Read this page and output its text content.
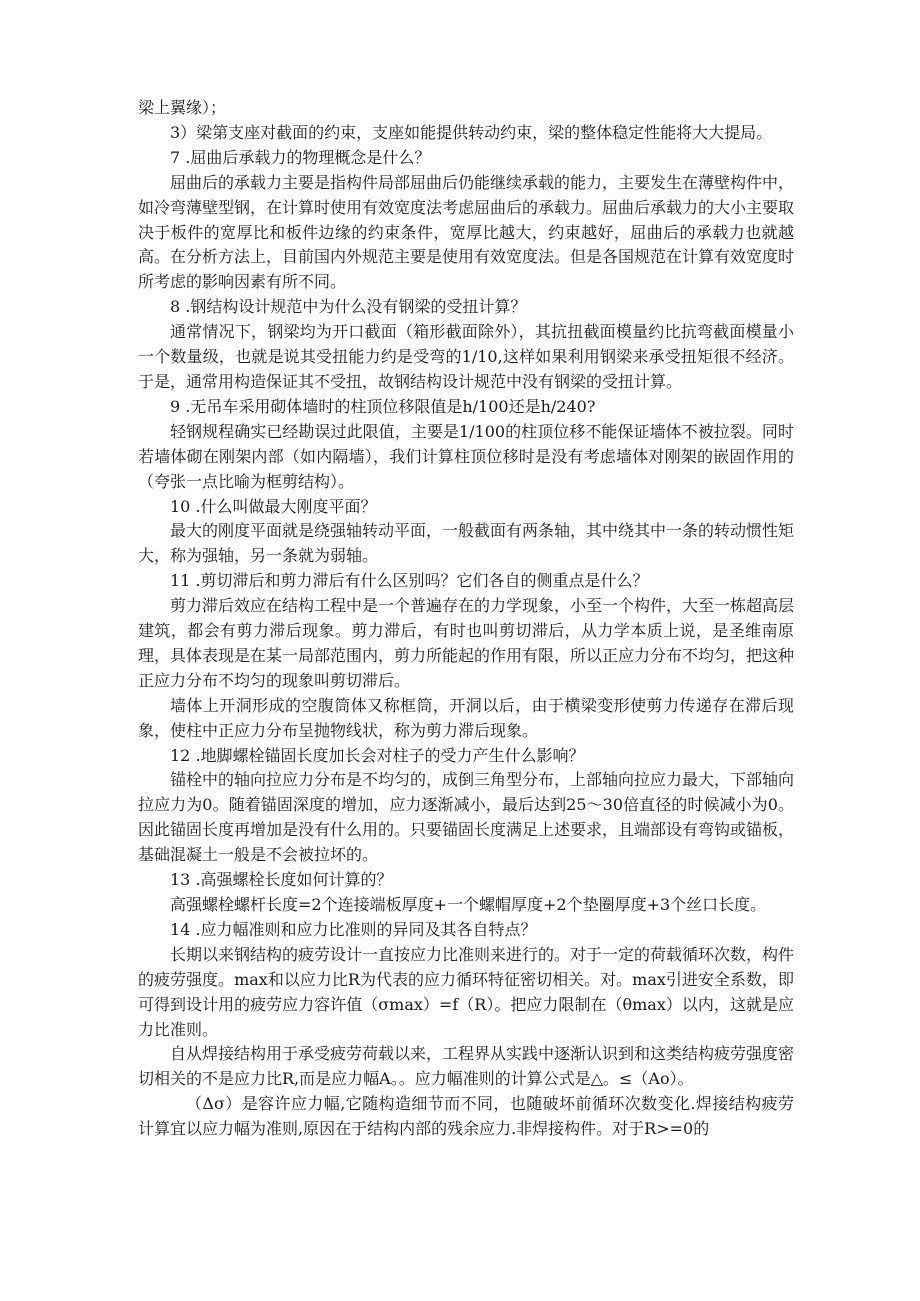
梁上翼缘）；

3）梁第支座对截面的约束，支座如能提供转动约束，梁的整体稳定性能将大大提局。

7 .屈曲后承载力的物理概念是什么？

屈曲后的承载力主要是指构件局部屈曲后仍能继续承载的能力，主要发生在薄壁构件中，如冷弯薄壁型钢，在计算时使用有效宽度法考虑屈曲后的承载力。屈曲后承载力的大小主要取决于板件的宽厚比和板件边缘的约束条件，宽厚比越大，约束越好，屈曲后的承载力也就越高。在分析方法上，目前国内外规范主要是使用有效宽度法。但是各国规范在计算有效宽度时所考虑的影响因素有所不同。

8 .钢结构设计规范中为什么没有钢梁的受扭计算？

通常情况下，钢梁均为开口截面（箱形截面除外），其抗扭截面模量约比抗弯截面模量小一个数量级，也就是说其受扭能力约是受弯的1/10,这样如果利用钢梁来承受扭矩很不经济。于是，通常用构造保证其不受扭，故钢结构设计规范中没有钢梁的受扭计算。

9 .无吊车采用砌体墙时的柱顶位移限值是h/100还是h/240?

轻钢规程确实已经勘误过此限值，主要是1/100的柱顶位移不能保证墙体不被拉裂。同时若墙体砌在刚架内部（如内隔墙），我们计算柱顶位移时是没有考虑墙体对刚架的嵌固作用的（夸张一点比喻为框剪结构）。

10 .什么叫做最大刚度平面？

最大的刚度平面就是绕强轴转动平面，一般截面有两条轴，其中绕其中一条的转动惯性矩大，称为强轴，另一条就为弱轴。

11 .剪切滞后和剪力滞后有什么区别吗？它们各自的侧重点是什么？

剪力滞后效应在结构工程中是一个普遍存在的力学现象，小至一个构件，大至一栋超高层建筑，都会有剪力滞后现象。剪力滞后，有时也叫剪切滞后，从力学本质上说，是圣维南原理，具体表现是在某一局部范围内，剪力所能起的作用有限，所以正应力分布不均匀，把这种正应力分布不均匀的现象叫剪切滞后。

墙体上开洞形成的空腹筒体又称框筒，开洞以后，由于横梁变形使剪力传递存在滞后现象，使柱中正应力分布呈抛物线状，称为剪力滞后现象。

12 .地脚螺栓锚固长度加长会对柱子的受力产生什么影响？

锚栓中的轴向拉应力分布是不均匀的，成倒三角型分布，上部轴向拉应力最大，下部轴向拉应力为0。随着锚固深度的增加，应力逐渐减小，最后达到25～30倍直径的时候减小为0。因此锚固长度再增加是没有什么用的。只要锚固长度满足上述要求，且端部设有弯钩或锚板，基础混凝土一般是不会被拉坏的。

13 .高强螺栓长度如何计算的？

高强螺栓螺杆长度=2个连接端板厚度+一个螺帽厚度+2个垫圈厚度+3个丝口长度。

14 .应力幅准则和应力比准则的异同及其各自特点？

长期以来钢结构的疲劳设计一直按应力比准则来进行的。对于一定的荷载循环次数，构件的疲劳强度。max和以应力比R为代表的应力循环特征密切相关。对。max引进安全系数，即可得到设计用的疲劳应力容许值（σmax）=f（R）。把应力限制在（θmax）以内，这就是应力比准则。

自从焊接结构用于承受疲劳荷载以来，工程界从实践中逐渐认识到和这类结构疲劳强度密切相关的不是应力比R,而是应力幅A。。应力幅准则的计算公式是△。≤（Ao）。

（Δσ）是容许应力幅,它随构造细节而不同，也随破坏前循环次数变化.焊接结构疲劳计算宜以应力幅为准则,原因在于结构内部的残余应力.非焊接构件。对于R>=0的
